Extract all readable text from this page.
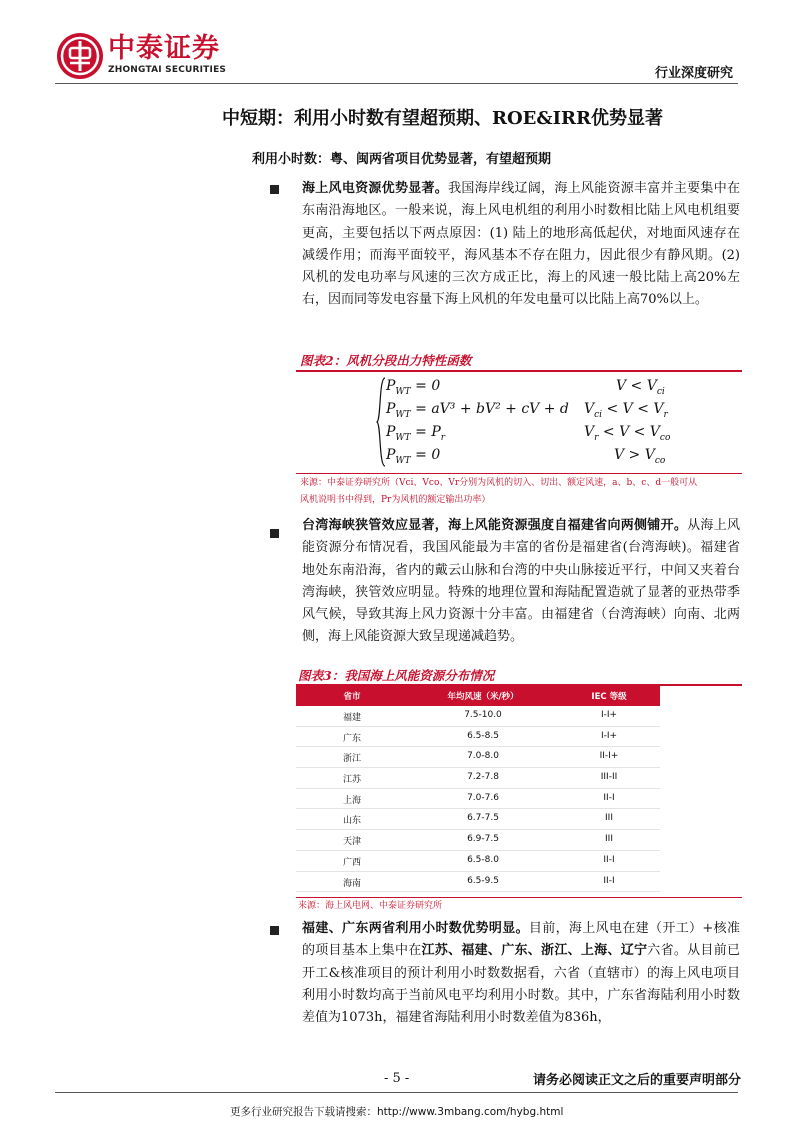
中泰证券
ZHONGTAI SECURITIES	行业深度研究
中短期：利用小时数有望超预期、ROE&IRR优势显著
利用小时数：粤、闽两省项目优势显著，有望超预期
海上风电资源优势显著。我国海岸线辽阔，海上风能资源丰富并主要集中在东南沿海地区。一般来说，海上风电机组的利用小时数相比陆上风电机组要更高，主要包括以下两点原因：(1) 陆上的地形高低起伏，对地面风速存在减缓作用；而海平面较平，海风基本不存在阻力，因此很少有静风期。(2) 风机的发电功率与风速的三次方成正比，海上的风速一般比陆上高20%左右，因而同等发电容量下海上风机的年发电量可以比陆上高70%以上。
图表2：风机分段出力特性函数
$P_{WT} = 0$	$V < V_{ci}$
$P_{WT} = aV^3 + bV^2$ + cV + d $V_{ci} < V < V_r$
$P_{WT} = P_r$	$V_r < V < V_{co}$
$P_{WT} = 0$	$V > V_{co}$
来源：中泰证券研究所（Vci、Vco、Vr分别为风机的切入、切出、额定风速，a、b、c、d一般可从
风机说明书中得到，Pr为风机的额定输出功率）
台湾海峡狭管效应显著，海上风能资源强度自福建省向两侧铺开。从海上风能资源分布情况看，我国风能最为丰富的省份是福建省(台湾海峡)。福建省地处东南沿海，省内的戴云山脉和台湾的中央山脉接近平行，中间又夹着台湾海峡，狭管效应明显。特殊的地理位置和海陆配置造就了显著的亚热带季风气候，导致其海上风力资源十分丰富。由福建省（台湾海峡）向南、北两侧，海上风能资源大致呈现递减趋势。
图表3：我国海上风能资源分布情况
省市	年均风速（米/秒）	IEC 等级
福建	7.5-10.0	I-I+
广东	6.5-8.5	I-I+
浙江	7.0-8.0	II-I+
江苏	7.2-7.8	III-II
上海	7.0-7.6	II-I
山东	6.7-7.5	III
天津	6.9-7.5	III
广西	6.5-8.0	II-I
海南	6.5-9.5	II-I
来源：海上风电网、中泰证券研究所
福建、广东两省利用小时数优势明显。目前，海上风电在建（开工）+核准的项目基本上集中在江苏、福建、广东、浙江、上海、辽宁六省。从目前已开工&核准项目的预计利用小时数数据看，六省（直辖市）的海上风电项目利用小时数均高于当前风电平均利用小时数。其中，广东省海陆利用小时数差值为1073h，福建省海陆利用小时数差值为836h，
- 5 -	请务必阅读正文之后的重要声明部分
更多行业研究报告下载请搜索：http://www.3mbang.com/hybg.html
